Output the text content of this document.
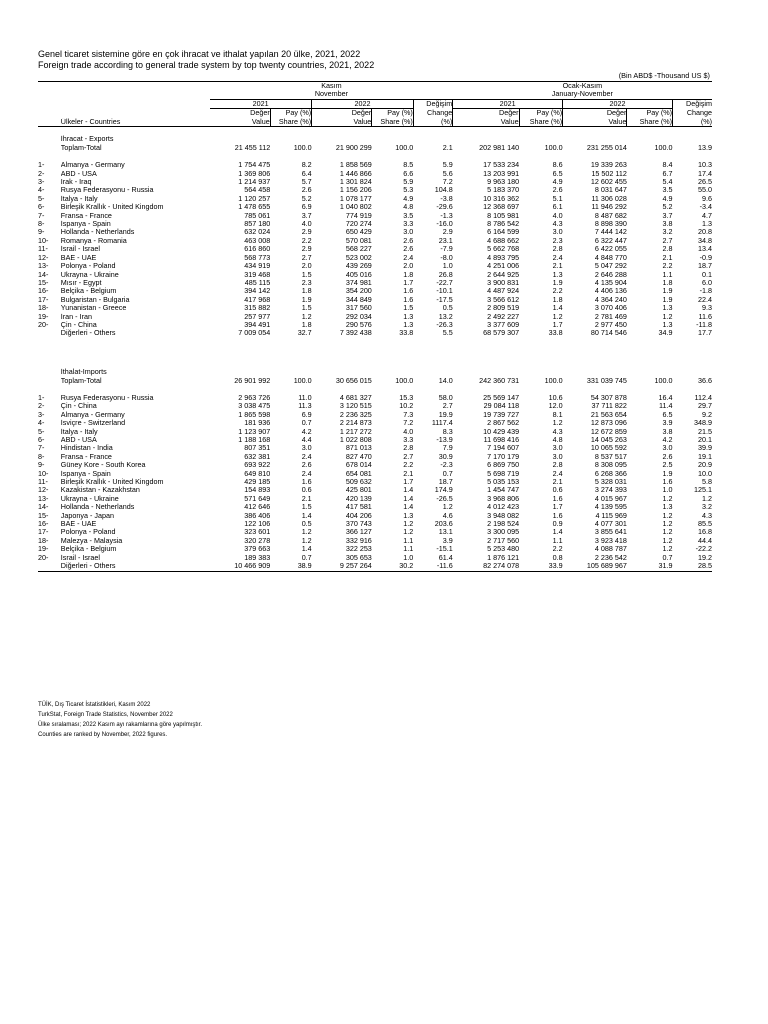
Genel ticaret sistemine göre en çok ihracat ve ithalat yapılan 20 ülke, 2021, 2022
Foreign trade according to general trade system by top twenty countries, 2021, 2022
(Bin ABD$ -Thousand US $)
		Kasım					Ocak-Kasım				
		November					January-November				
		2021		2022		Değişim	2021		2022		Değişim
		Değer	Pay (%)	Değer	Pay (%)	Change	Değer	Pay (%)	Değer	Pay (%)	Change
	Ülkeler - Countries	Value	Share (%)	Value	Share (%)	(%)	Value	Share (%)	Value	Share (%)	(%)

	İhracat - Exports										
	Toplam-Total	21 455 112	100.0	21 900 299	100.0	2.1	202 981 140	100.0	231 255 014	100.0	13.9

1-	Almanya - Germany	1 754 475	8.2	1 858 569	8.5	5.9	17 533 234	8.6	19 339 263	8.4	10.3
2-	ABD - USA	1 369 806	6.4	1 446 866	6.6	5.6	13 203 991	6.5	15 502 112	6.7	17.4
3-	Irak - Iraq	1 214 937	5.7	1 301 824	5.9	7.2	9 963 180	4.9	12 602 455	5.4	26.5
4-	Rusya Federasyonu - Russia	564 458	2.6	1 156 206	5.3	104.8	5 183 370	2.6	8 031 647	3.5	55.0
5-	İtalya - Italy	1 120 257	5.2	1 078 177	4.9	-3.8	10 316 362	5.1	11 306 028	4.9	9.6
6-	Birleşik Krallık - United Kingdom	1 478 655	6.9	1 040 802	4.8	-29.6	12 368 697	6.1	11 946 292	5.2	-3.4
7-	Fransa - France	785 061	3.7	774 919	3.5	-1.3	8 105 981	4.0	8 487 682	3.7	4.7
8-	İspanya - Spain	857 180	4.0	720 274	3.3	-16.0	8 786 542	4.3	8 898 390	3.8	1.3
9-	Hollanda - Netherlands	632 024	2.9	650 429	3.0	2.9	6 164 599	3.0	7 444 142	3.2	20.8
10-	Romanya - Romania	463 008	2.2	570 081	2.6	23.1	4 688 662	2.3	6 322 447	2.7	34.8
11-	İsrail - Israel	616 860	2.9	568 227	2.6	-7.9	5 662 768	2.8	6 422 055	2.8	13.4
12-	BAE - UAE	568 773	2.7	523 002	2.4	-8.0	4 893 795	2.4	4 848 770	2.1	-0.9
13-	Polonya - Poland	434 919	2.0	439 269	2.0	1.0	4 251 006	2.1	5 047 292	2.2	18.7
14-	Ukrayna - Ukraine	319 468	1.5	405 016	1.8	26.8	2 644 925	1.3	2 646 288	1.1	0.1
15-	Mısır - Egypt	485 115	2.3	374 981	1.7	-22.7	3 900 831	1.9	4 135 904	1.8	6.0
16-	Belçika - Belgium	394 142	1.8	354 200	1.6	-10.1	4 487 924	2.2	4 406 136	1.9	-1.8
17-	Bulgaristan - Bulgaria	417 968	1.9	344 849	1.6	-17.5	3 566 612	1.8	4 364 240	1.9	22.4
18-	Yunanistan - Greece	315 882	1.5	317 560	1.5	0.5	2 809 519	1.4	3 070 406	1.3	9.3
19-	İran - Iran	257 977	1.2	292 034	1.3	13.2	2 492 227	1.2	2 781 469	1.2	11.6
20-	Çin - China	394 491	1.8	290 576	1.3	-26.3	3 377 609	1.7	2 977 450	1.3	-11.8
	Diğerleri - Others	7 009 054	32.7	7 392 438	33.8	5.5	68 579 307	33.8	80 714 546	34.9	17.7

	İthalat-Imports										
	Toplam-Total	26 901 992	100.0	30 656 015	100.0	14.0	242 360 731	100.0	331 039 745	100.0	36.6

1-	Rusya Federasyonu - Russia	2 963 726	11.0	4 681 327	15.3	58.0	25 569 147	10.6	54 307 878	16.4	112.4
2-	Çin - China	3 038 475	11.3	3 120 515	10.2	2.7	29 084 118	12.0	37 711 822	11.4	29.7
3-	Almanya - Germany	1 865 598	6.9	2 236 325	7.3	19.9	19 739 727	8.1	21 563 654	6.5	9.2
4-	İsviçre - Switzerland	181 936	0.7	2 214 873	7.2	1117.4	2 867 562	1.2	12 873 096	3.9	348.9
5-	İtalya - Italy	1 123 907	4.2	1 217 272	4.0	8.3	10 429 439	4.3	12 672 859	3.8	21.5
6-	ABD - USA	1 188 168	4.4	1 022 808	3.3	-13.9	11 698 416	4.8	14 045 263	4.2	20.1
7-	Hindistan - India	807 351	3.0	871 013	2.8	7.9	7 194 607	3.0	10 065 592	3.0	39.9
8-	Fransa - France	632 381	2.4	827 470	2.7	30.9	7 170 179	3.0	8 537 517	2.6	19.1
9-	Güney Kore - South Korea	693 922	2.6	678 014	2.2	-2.3	6 869 750	2.8	8 308 095	2.5	20.9
10-	İspanya - Spain	649 810	2.4	654 081	2.1	0.7	5 698 719	2.4	6 268 366	1.9	10.0
11-	Birleşik Krallık - United Kingdom	429 185	1.6	509 632	1.7	18.7	5 035 153	2.1	5 328 031	1.6	5.8
12-	Kazakistan - Kazakhstan	154 893	0.6	425 801	1.4	174.9	1 454 747	0.6	3 274 393	1.0	125.1
13-	Ukrayna - Ukraine	571 649	2.1	420 139	1.4	-26.5	3 968 806	1.6	4 015 967	1.2	1.2
14-	Hollanda - Netherlands	412 646	1.5	417 581	1.4	1.2	4 012 423	1.7	4 139 595	1.3	3.2
15-	Japonya - Japan	386 406	1.4	404 206	1.3	4.6	3 948 082	1.6	4 115 969	1.2	4.3
16-	BAE - UAE	122 106	0.5	370 743	1.2	203.6	2 198 524	0.9	4 077 301	1.2	85.5
17-	Polonya - Poland	323 601	1.2	366 127	1.2	13.1	3 300 095	1.4	3 855 641	1.2	16.8
18-	Malezya - Malaysia	320 278	1.2	332 916	1.1	3.9	2 717 560	1.1	3 923 418	1.2	44.4
19-	Belçika - Belgium	379 663	1.4	322 253	1.1	-15.1	5 253 480	2.2	4 088 787	1.2	-22.2
20-	İsrail - Israel	189 383	0.7	305 653	1.0	61.4	1 876 121	0.8	2 236 542	0.7	19.2
	Diğerleri - Others	10 466 909	38.9	9 257 264	30.2	-11.6	82 274 078	33.9	105 689 967	31.9	28.5
TÜİK, Dış Ticaret İstatistikleri, Kasım 2022
TurkStat, Foreign Trade Statistics, November 2022
Ülke sıralaması; 2022 Kasım ayı rakamlarına göre yapılmıştır.
Counties are ranked by November, 2022 figures.
